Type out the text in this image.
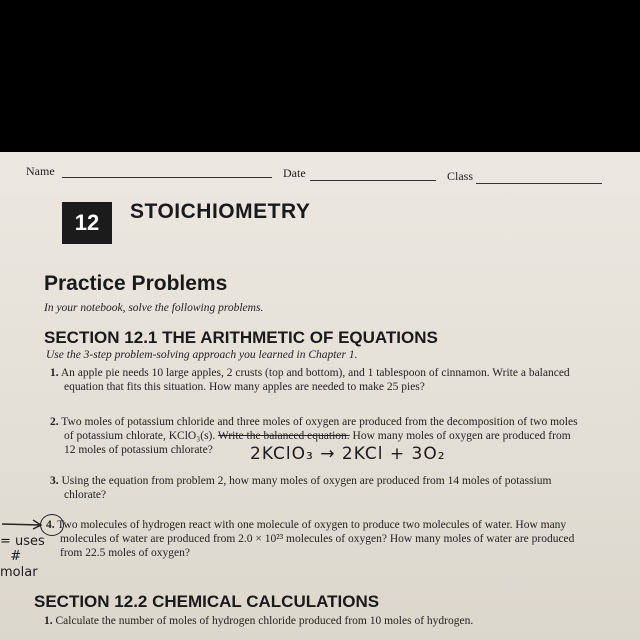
Name	Date	Class
12	STOICHIOMETRY
Practice Problems
In your notebook, solve the following problems.
SECTION 12.1 THE ARITHMETIC OF EQUATIONS
Use the 3-step problem-solving approach you learned in Chapter 1.
1. An apple pie needs 10 large apples, 2 crusts (top and bottom), and 1 tablespoon of cinnamon. Write a balanced
equation that fits this situation. How many apples are needed to make 25 pies?
2. Two moles of potassium chloride and three moles of oxygen are produced from the decomposition of two moles
of potassium chlorate, KClO₃(s). Write the balanced equation. How many moles of oxygen are produced from
12 moles of potassium chlorate?	2KClO₃ → 2KCl + 3O₂
3. Using the equation from problem 2, how many moles of oxygen are produced from 14 moles of potassium
chlorate?
4. Two molecules of hydrogen react with one molecule of oxygen to produce two molecules of water. How many
molecules of water are produced from 2.0 × 10²³ molecules of oxygen? How many moles of water are produced
from 22.5 moles of oxygen?
= uses
#
molar
SECTION 12.2 CHEMICAL CALCULATIONS
1. Calculate the number of moles of hydrogen chloride produced from 10 moles of hydrogen.
